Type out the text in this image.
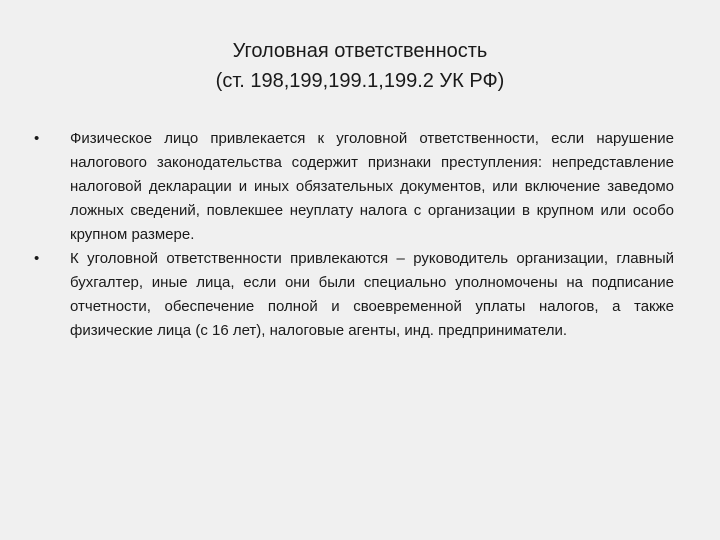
Уголовная ответственность
(ст. 198,199,199.1,199.2 УК РФ)
•	Физическое лицо привлекается к уголовной ответственности, если нарушение налогового законодательства содержит признаки преступления: непредставление налоговой декларации и иных обязательных документов, или включение заведомо ложных сведений, повлекшее неуплату налога с организации в крупном или особо крупном размере.
•	К уголовной ответственности привлекаются – руководитель организации, главный бухгалтер, иные лица, если они были специально уполномочены на подписание отчетности, обеспечение полной и своевременной уплаты налогов, а также физические лица (с 16 лет), налоговые агенты, инд. предприниматели.
